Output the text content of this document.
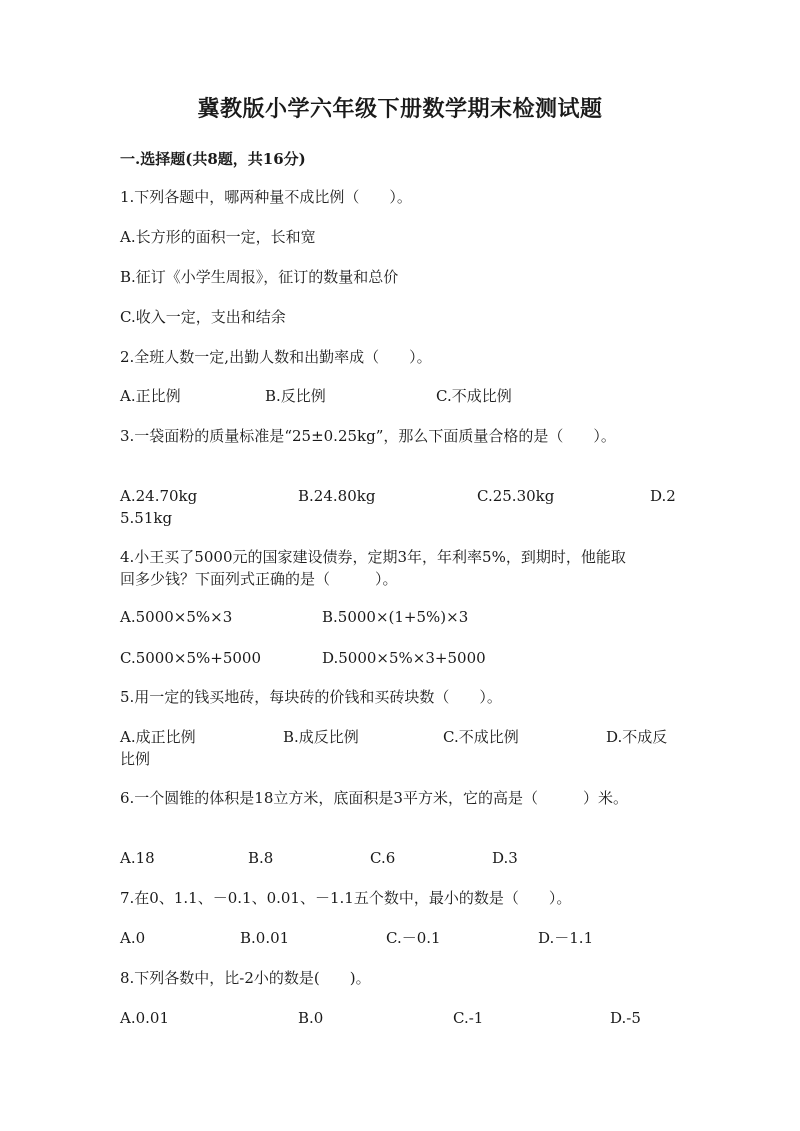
冀教版小学六年级下册数学期末检测试题
一.选择题(共8题，共16分)
1.下列各题中，哪两种量不成比例（　　）。
A.长方形的面积一定，长和宽
B.征订《小学生周报》，征订的数量和总价
C.收入一定，支出和结余
2.全班人数一定,出勤人数和出勤率成（　　）。
A.正比例	B.反比例	C.不成比例
3.一袋面粉的质量标准是“25±0.25kg”，那么下面质量合格的是（　　）。
A.24.70kg	B.24.80kg	C.25.30kg	D.2
5.51kg
4.小王买了5000元的国家建设债券，定期3年，年利率5%，到期时，他能取
回多少钱？下面列式正确的是（　　　）。
A.5000×5%×3	B.5000×(1+5%)×3
C.5000×5%+5000	D.5000×5%×3+5000
5.用一定的钱买地砖，每块砖的价钱和买砖块数（　　）。
A.成正比例	B.成反比例	C.不成比例	D.不成反
比例
6.一个圆锥的体积是18立方米，底面积是3平方米，它的高是（　　　）米。
A.18	B.8	C.6	D.3
7.在0、1.1、－0.1、0.01、－1.1五个数中，最小的数是（　　）。
A.0	B.0.01	C.－0.1	D.－1.1
8.下列各数中，比-2小的数是(　　)。
A.0.01	B.0	C.-1	D.-5
